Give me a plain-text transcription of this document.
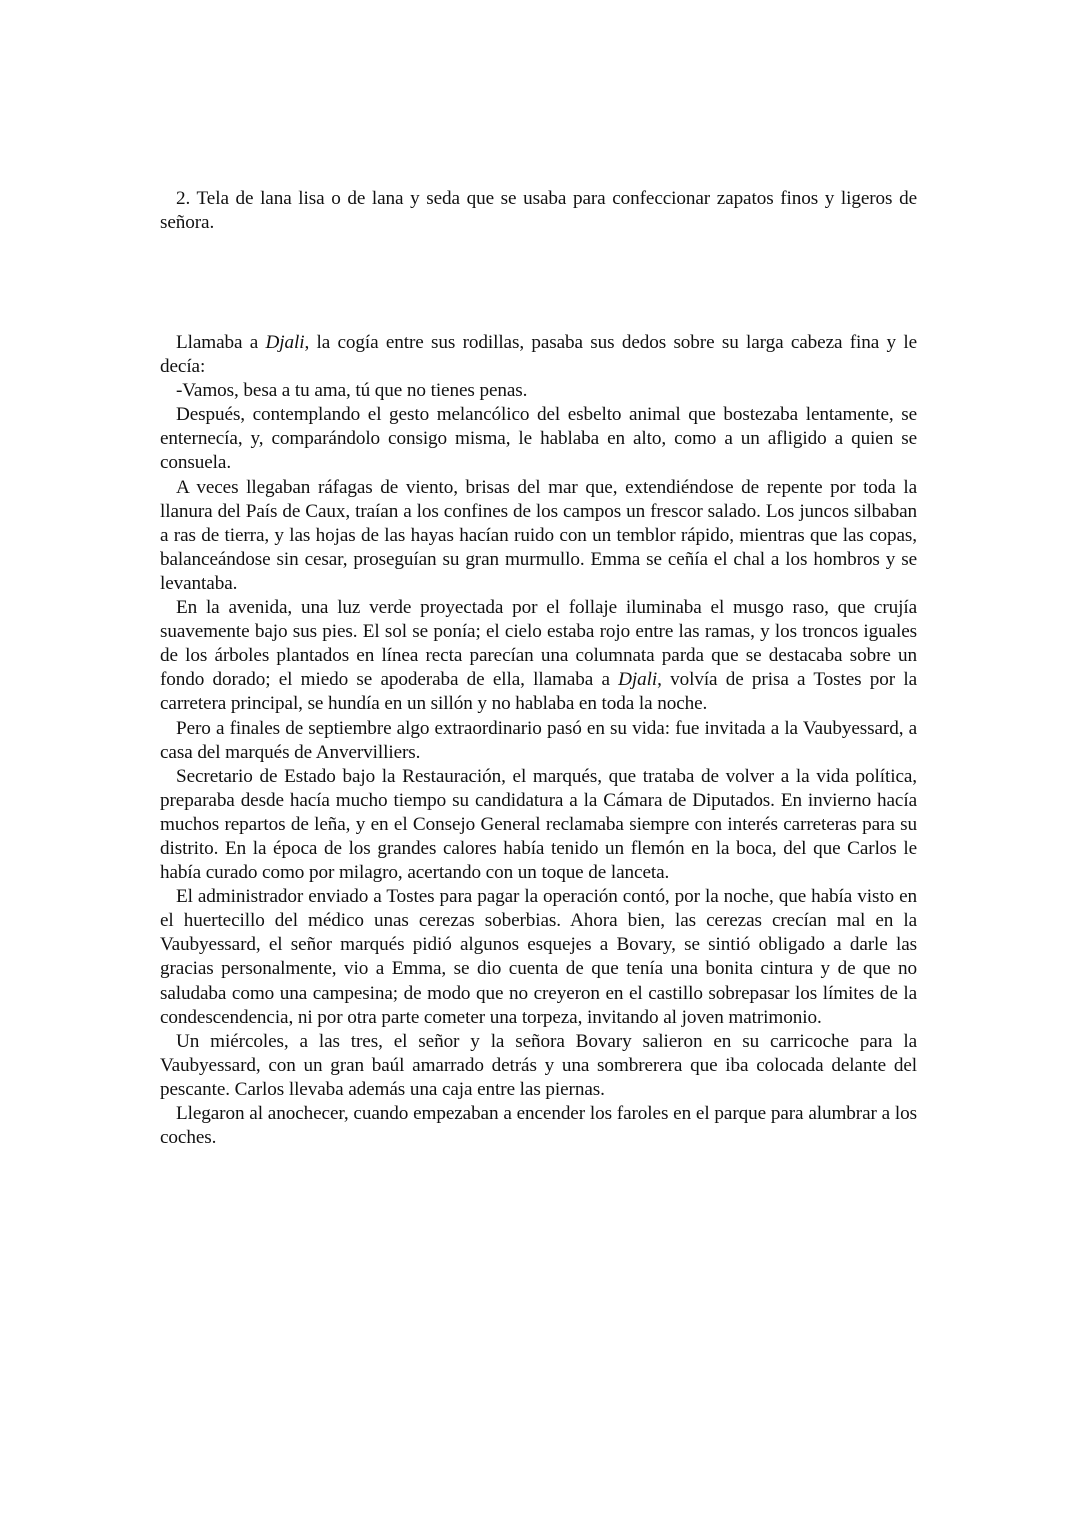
2. Tela de lana lisa o de lana y seda que se usaba para confeccionar zapatos finos y ligeros de señora.

Llamaba a Djali, la cogía entre sus rodillas, pasaba sus dedos sobre su larga cabeza fina y le decía:

-Vamos, besa a tu ama, tú que no tienes penas.

Después, contemplando el gesto melancólico del esbelto animal que bostezaba lentamente, se enternecía, y, comparándolo consigo misma, le hablaba en alto, como a un afligido a quien se consuela.

A veces llegaban ráfagas de viento, brisas del mar que, extendiéndose de repente por toda la llanura del País de Caux, traían a los confines de los campos un frescor salado. Los juncos silbaban a ras de tierra, y las hojas de las hayas hacían ruido con un temblor rápido, mientras que las copas, balanceándose sin cesar, proseguían su gran murmullo. Emma se ceñía el chal a los hombros y se levantaba.

En la avenida, una luz verde proyectada por el follaje iluminaba el musgo raso, que crujía suavemente bajo sus pies. El sol se ponía; el cielo estaba rojo entre las ramas, y los troncos iguales de los árboles plantados en línea recta parecían una columnata parda que se destacaba sobre un fondo dorado; el miedo se apoderaba de ella, llamaba a Djali, volvía de prisa a Tostes por la carretera principal, se hundía en un sillón y no hablaba en toda la noche.

Pero a finales de septiembre algo extraordinario pasó en su vida: fue invitada a la Vaubyessard, a casa del marqués de Anvervilliers.

Secretario de Estado bajo la Restauración, el marqués, que trataba de volver a la vida política, preparaba desde hacía mucho tiempo su candidatura a la Cámara de Diputados. En invierno hacía muchos repartos de leña, y en el Consejo General reclamaba siempre con interés carreteras para su distrito. En la época de los grandes calores había tenido un flemón en la boca, del que Carlos le había curado como por milagro, acertando con un toque de lanceta.

El administrador enviado a Tostes para pagar la operación contó, por la noche, que había visto en el huertecillo del médico unas cerezas soberbias. Ahora bien, las cerezas crecían mal en la Vaubyessard, el señor marqués pidió algunos esquejes a Bovary, se sintió obligado a darle las gracias personalmente, vio a Emma, se dio cuenta de que tenía una bonita cintura y de que no saludaba como una campesina; de modo que no creyeron en el castillo sobrepasar los límites de la condescendencia, ni por otra parte cometer una torpeza, invitando al joven matrimonio.

Un miércoles, a las tres, el señor y la señora Bovary salieron en su carricoche para la Vaubyessard, con un gran baúl amarrado detrás y una sombrerera que iba colocada delante del pescante. Carlos llevaba además una caja entre las piernas.

Llegaron al anochecer, cuando empezaban a encender los faroles en el parque para alumbrar a los coches.
